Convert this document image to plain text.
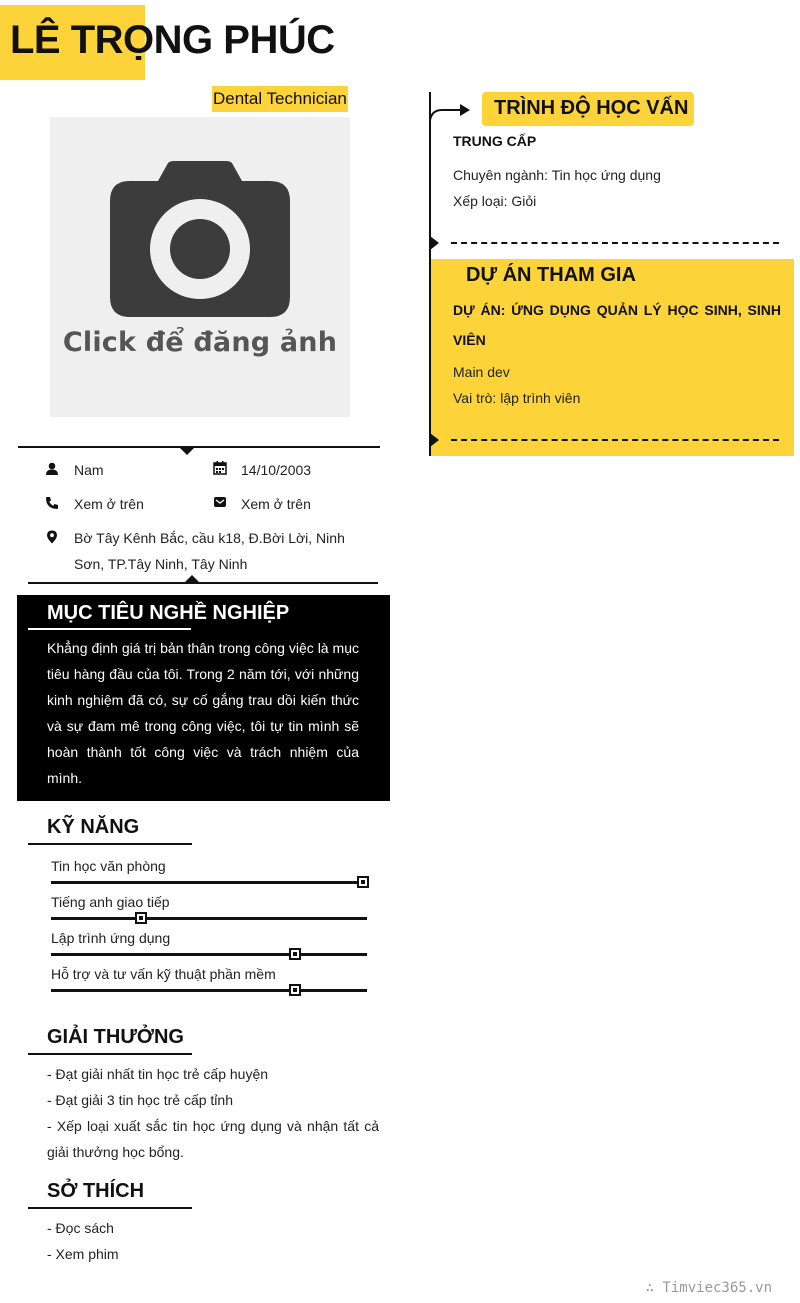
LÊ TRỌNG PHÚC
Dental Technician
Click để đăng ảnh
Nam	14/10/2003
Xem ở trên	Xem ở trên
Bờ Tây Kênh Bắc, cầu k18, Đ.Bời Lời, Ninh Sơn, TP.Tây Ninh, Tây Ninh
MỤC TIÊU NGHỀ NGHIỆP
Khẳng định giá trị bản thân trong công việc là mục tiêu hàng đầu của tôi. Trong 2 năm tới, với những kinh nghiệm đã có, sự cố gắng trau dồi kiến thức và sự đam mê trong công việc, tôi tự tin mình sẽ hoàn thành tốt công việc và trách nhiệm của mình.
KỸ NĂNG
Tin học văn phòng
Tiếng anh giao tiếp
Lập trình ứng dụng
Hỗ trợ và tư vấn kỹ thuật phần mềm
GIẢI THƯỞNG
- Đạt giải nhất tin học trẻ cấp huyện
- Đạt giải 3 tin học trẻ cấp tỉnh
- Xếp loại xuất sắc tin học ứng dụng và nhận tất cả giải thưởng học bổng.
SỞ THÍCH
- Đọc sách
- Xem phim
TRÌNH ĐỘ HỌC VẤN
TRUNG CẤP
Chuyên ngành: Tin học ứng dụng
Xếp loại: Giỏi
DỰ ÁN THAM GIA
DỰ ÁN: ỨNG DỤNG QUẢN LÝ HỌC SINH, SINH VIÊN
Main dev
Vai trò: lập trình viên
∴ Timviec365.vn
